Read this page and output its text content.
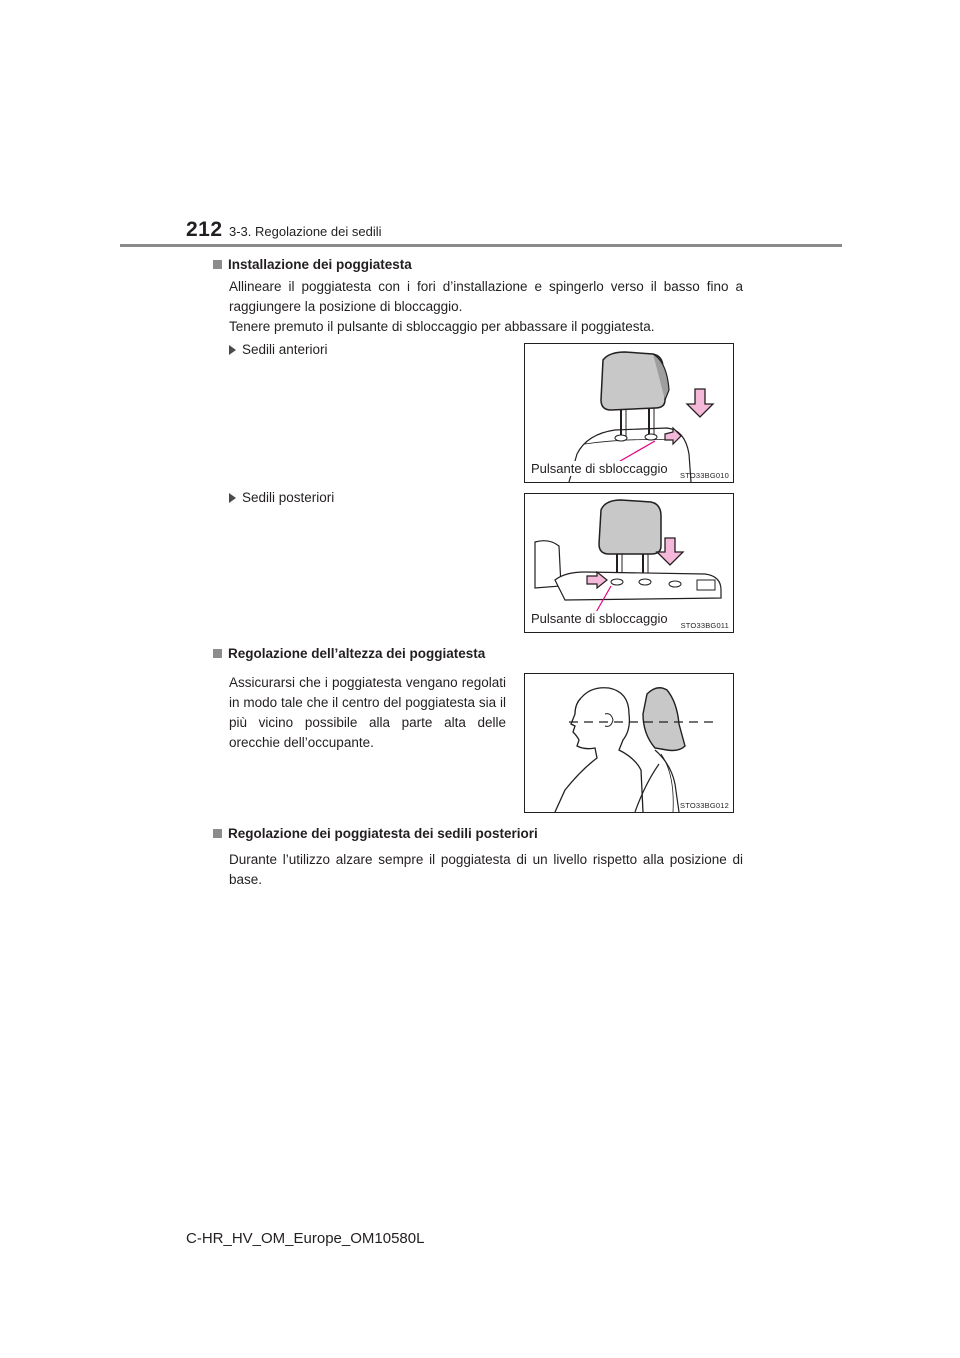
212 3-3. Regolazione dei sedili
Installazione dei poggiatesta
Allineare il poggiatesta con i fori d’installazione e spingerlo verso il basso fino a
raggiungere la posizione di bloccaggio.
Tenere premuto il pulsante di sbloccaggio per abbassare il poggiatesta.
Sedili anteriori
Pulsante di sbloccaggio STO33BG010
Sedili posteriori
Pulsante di sbloccaggio STO33BG011
Regolazione dell’altezza dei poggiatesta
Assicurarsi che i poggiatesta vengano regolati
in modo tale che il centro del poggiatesta sia il
più vicino possibile alla parte alta delle
orecchie dell’occupante.
STO33BG012
Regolazione dei poggiatesta dei sedili posteriori
Durante l’utilizzo alzare sempre il poggiatesta di un livello rispetto alla posizione di
base.
C-HR_HV_OM_Europe_OM10580L
